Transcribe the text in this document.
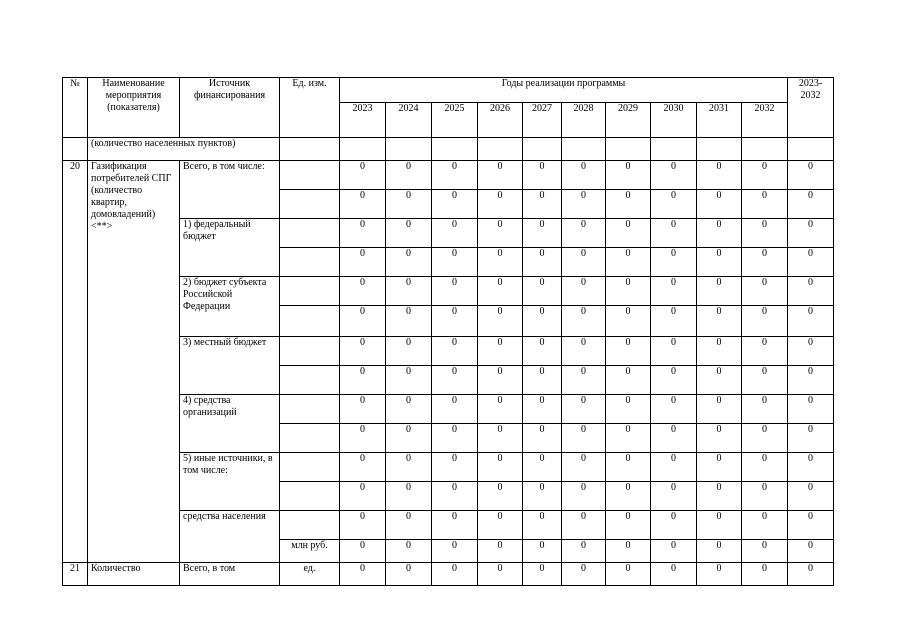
№	Наименование мероприятия (показателя)	Источник финансирования	Ед. изм.	Годы реализации программы										2023-2032
				2023	2024	2025	2026	2027	2028	2029	2030	2031	2032	
	(количество населенных пунктов)													
20	Газификация потребителей СПГ (количество квартир, домовладений) <**>	Всего, в том числе:		0	0	0	0	0	0	0	0	0	0	0
				0	0	0	0	0	0	0	0	0	0	0
		1) федеральный бюджет		0	0	0	0	0	0	0	0	0	0	0
				0	0	0	0	0	0	0	0	0	0	0
		2) бюджет субъекта Российской Федерации		0	0	0	0	0	0	0	0	0	0	0
				0	0	0	0	0	0	0	0	0	0	0
		3) местный бюджет		0	0	0	0	0	0	0	0	0	0	0
				0	0	0	0	0	0	0	0	0	0	0
		4) средства организаций		0	0	0	0	0	0	0	0	0	0	0
				0	0	0	0	0	0	0	0	0	0	0
		5) иные источники, в том числе:		0	0	0	0	0	0	0	0	0	0	0
				0	0	0	0	0	0	0	0	0	0	0
		средства населения		0	0	0	0	0	0	0	0	0	0	0
			млн руб.	0	0	0	0	0	0	0	0	0	0	0
21	Количество	Всего, в том	ед.	0	0	0	0	0	0	0	0	0	0	0
